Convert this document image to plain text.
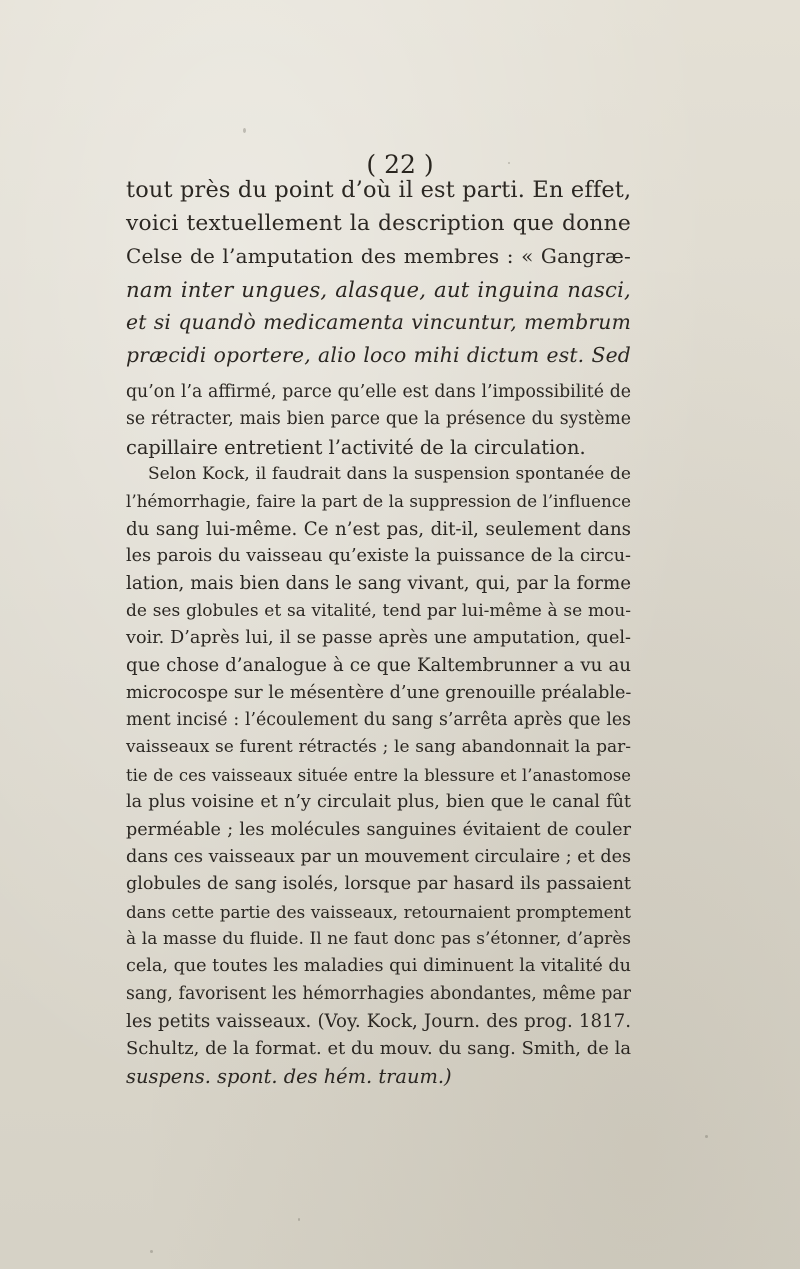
( 22 )
tout près du point d’où il est parti. En effet,
voici textuellement la description que donne
Celse de l’amputation des membres : « Gangræ-
nam inter ungues, alasque, aut inguina nasci,
et si quandò medicamenta vincuntur, membrum
præcidi oportere, alio loco mihi dictum est. Sed
qu’on l’a affirmé, parce qu’elle est dans l’impossibilité de
se rétracter, mais bien parce que la présence du système
capillaire entretient l’activité de la circulation.
Selon Kock, il faudrait dans la suspension spontanée de
l’hémorrhagie, faire la part de la suppression de l’influence
du sang lui-même. Ce n’est pas, dit-il, seulement dans
les parois du vaisseau qu’existe la puissance de la circu-
lation, mais bien dans le sang vivant, qui, par la forme
de ses globules et sa vitalité, tend par lui-même à se mou-
voir. D’après lui, il se passe après une amputation, quel-
que chose d’analogue à ce que Kaltembrunner a vu au
microcospe sur le mésentère d’une grenouille préalable-
ment incisé : l’écoulement du sang s’arrêta après que les
vaisseaux se furent rétractés ; le sang abandonnait la par-
tie de ces vaisseaux située entre la blessure et l’anastomose
la plus voisine et n’y circulait plus, bien que le canal fût
perméable ; les molécules sanguines évitaient de couler
dans ces vaisseaux par un mouvement circulaire ; et des
globules de sang isolés, lorsque par hasard ils passaient
dans cette partie des vaisseaux, retournaient promptement
à la masse du fluide. Il ne faut donc pas s’étonner, d’après
cela, que toutes les maladies qui diminuent la vitalité du
sang, favorisent les hémorrhagies abondantes, même par
les petits vaisseaux. (Voy. Kock, Journ. des prog. 1817.
Schultz, de la format. et du mouv. du sang. Smith, de la
suspens. spont. des hém. traum.)
